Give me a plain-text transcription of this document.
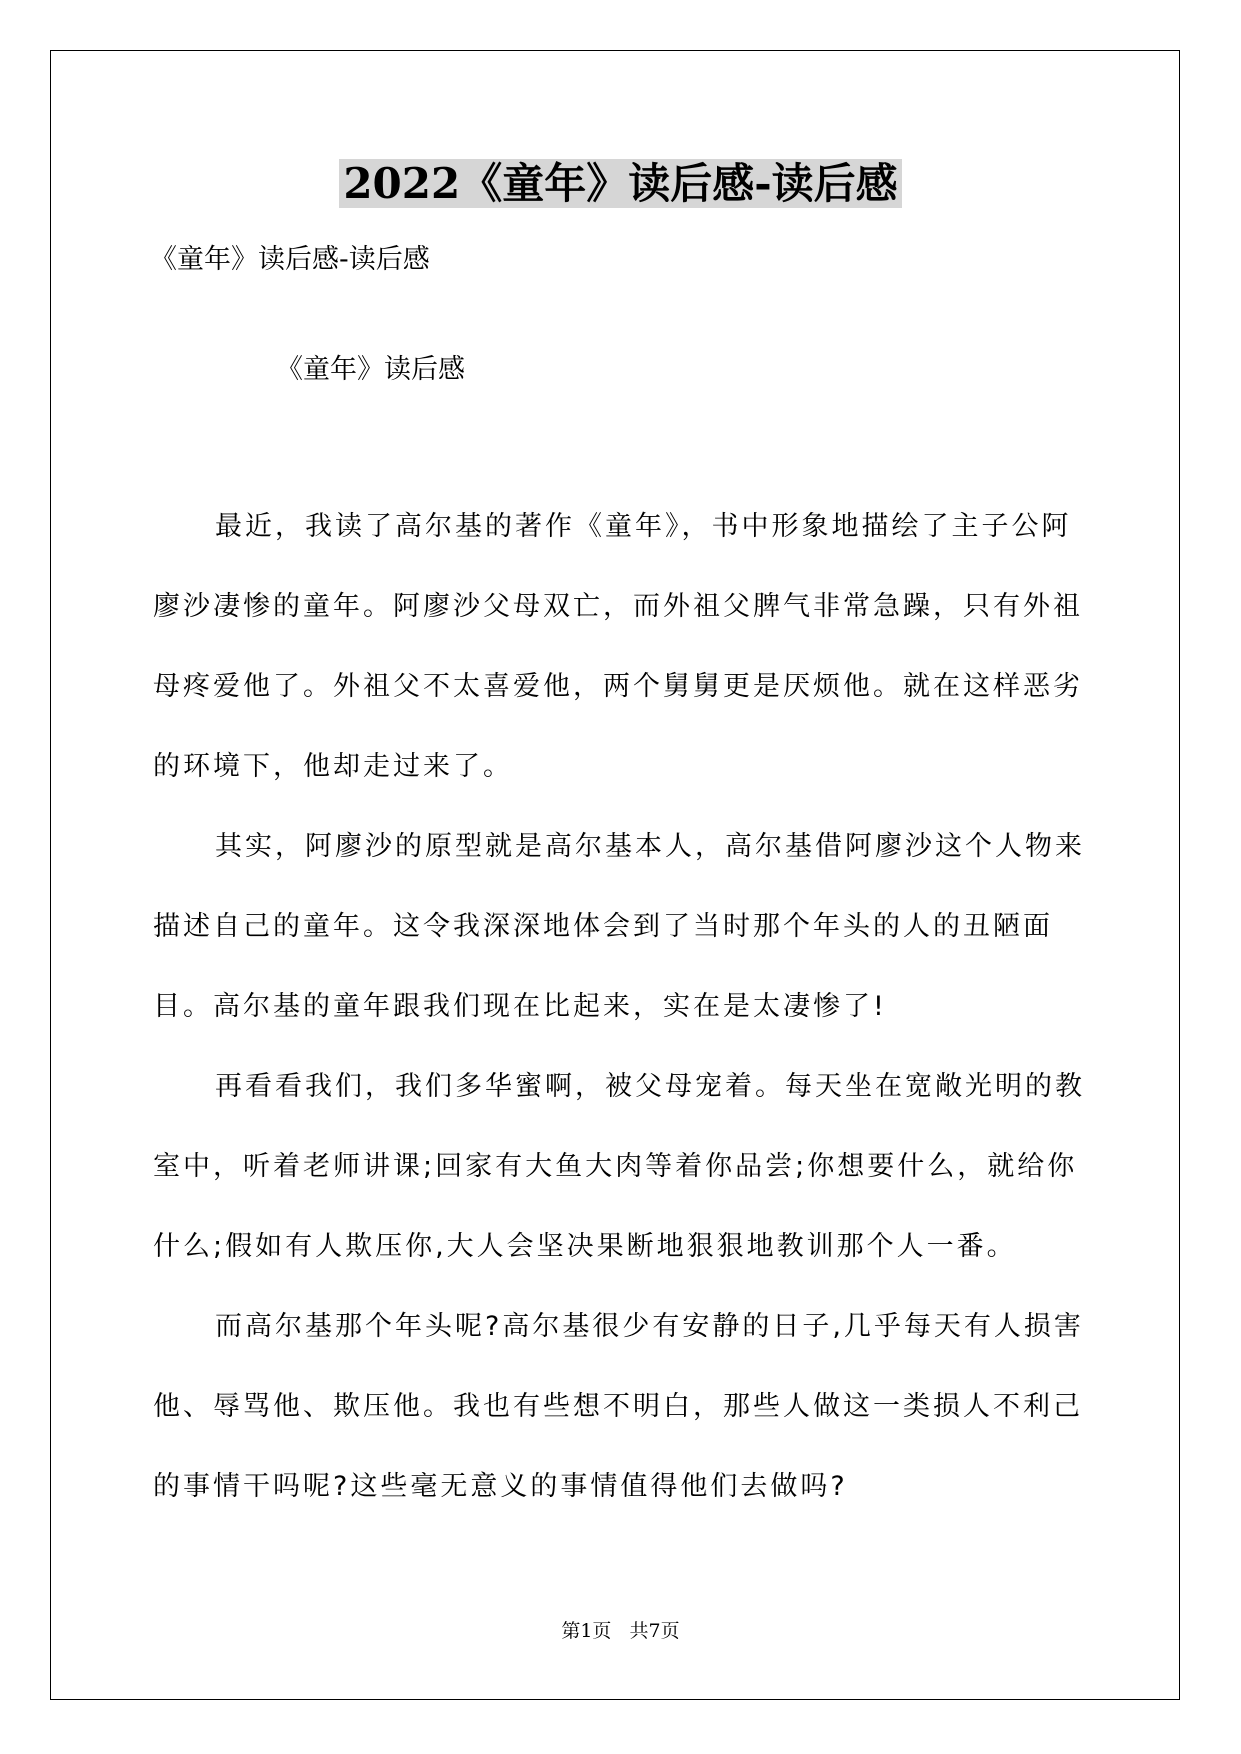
2022《童年》读后感-读后感
《童年》读后感-读后感
《童年》读后感

最近，我读了高尔基的著作《童年》，书中形象地描绘了主子公阿廖沙凄惨的童年。阿廖沙父母双亡，而外祖父脾气非常急躁，只有外祖母疼爱他了。外祖父不太喜爱他，两个舅舅更是厌烦他。就在这样恶劣的环境下，他却走过来了。

其实，阿廖沙的原型就是高尔基本人，高尔基借阿廖沙这个人物来描述自己的童年。这令我深深地体会到了当时那个年头的人的丑陋面目。高尔基的童年跟我们现在比起来，实在是太凄惨了!

再看看我们，我们多华蜜啊，被父母宠着。每天坐在宽敞光明的教室中，听着老师讲课;回家有大鱼大肉等着你品尝;你想要什么，就给你什么;假如有人欺压你,大人会坚决果断地狠狠地教训那个人一番。

而高尔基那个年头呢?高尔基很少有安静的日子,几乎每天有人损害他、辱骂他、欺压他。我也有些想不明白，那些人做这一类损人不利己的事情干吗呢?这些毫无意义的事情值得他们去做吗?

第1页   共7页
